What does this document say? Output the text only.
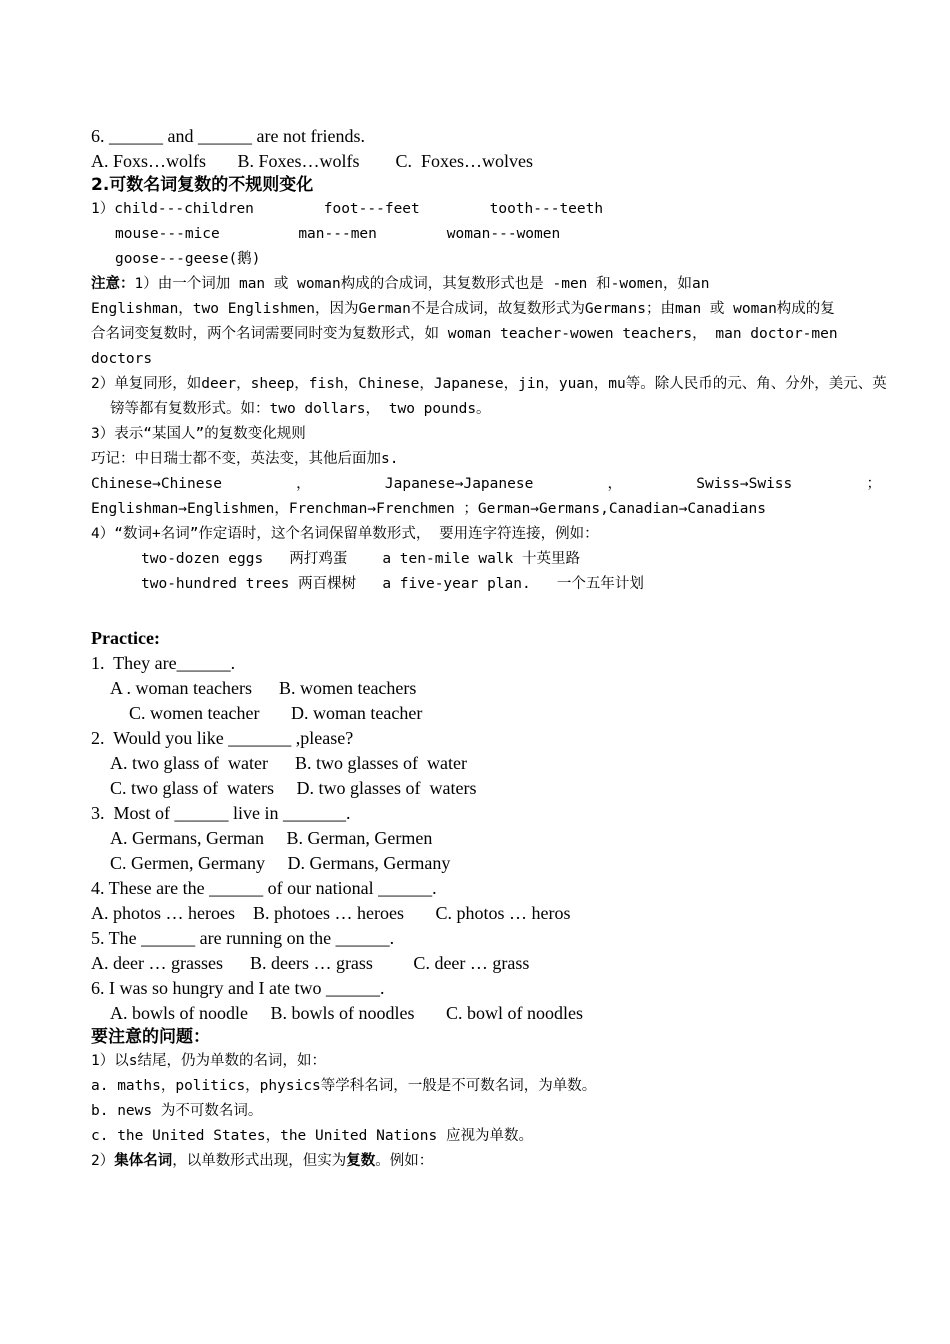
6. ______ and ______ are not friends.
A. Foxs…wolfs       B. Foxes…wolfs        C.  Foxes…wolves
2.可数名词复数的不规则变化
1）child---children        foot---feet        tooth---teeth
mouse---mice         man---men        woman---women
goose---geese(鹅)
注意：1）由一个词加 man 或 woman构成的合成词，其复数形式也是 -men 和-women，如an
Englishman，two Englishmen，因为German不是合成词，故复数形式为Germans；由man 或 woman构成的复
合名词变复数时，两个名词需要同时变为复数形式，如 woman teacher-wowen teachers， man doctor-men
doctors
2）单复同形，如deer，sheep，fish，Chinese，Japanese，jin，yuan，mu等。除人民币的元、角、分外，美元、英
镑等都有复数形式。如：two dollars， two pounds。
3）表示“某国人”的复数变化规则
巧记：中日瑞士都不变，英法变，其他后面加s.
Chinese→Chinese	，	Japanese→Japanese	，	Swiss→Swiss	；
Englishman→Englishmen，Frenchman→Frenchmen ；German→Germans,Canadian→Canadians
4）“数词+名词”作定语时，这个名词保留单数形式， 要用连字符连接，例如：
two-dozen eggs   两打鸡蛋    a ten-mile walk 十英里路
two-hundred trees 两百棵树   a five-year plan.   一个五年计划
Practice:
1.  They are______.
A . woman teachers      B. women teachers
C. women teacher       D. woman teacher
2.  Would you like _______ ,please?
A. two glass of  water      B. two glasses of  water
C. two glass of  waters     D. two glasses of  waters
3.  Most of ______ live in _______.
A. Germans, German     B. German, Germen
C. Germen, Germany     D. Germans, Germany
4. These are the ______ of our national ______.
A. photos … heroes    B. photoes … heroes       C. photos … heros
5. The ______ are running on the ______.
A. deer … grasses      B. deers … grass         C. deer … grass
6. I was so hungry and I ate two ______.
A. bowls of noodle     B. bowls of noodles       C. bowl of noodles
要注意的问题：
1）以s结尾，仍为单数的名词，如：
a. maths，politics，physics等学科名词，一般是不可数名词，为单数。
b. news 为不可数名词。
c. the United States，the United Nations 应视为单数。
2）集体名词，以单数形式出现，但实为复数。例如：
